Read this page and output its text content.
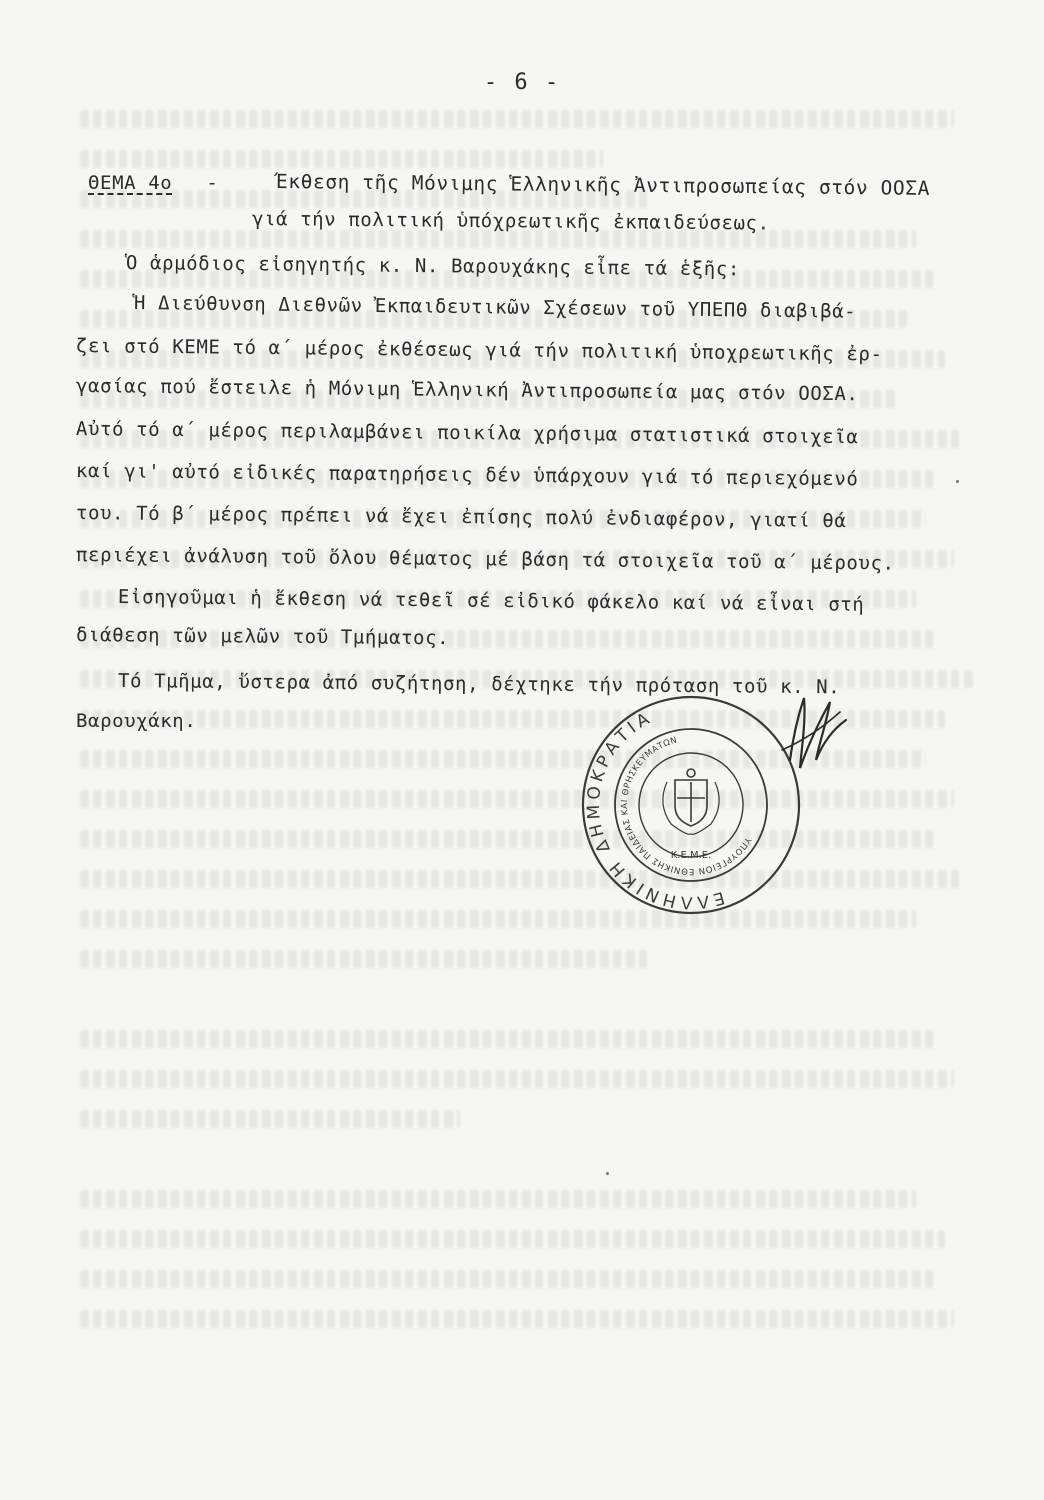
- 6 -
ΘΕΜΑ 4ο -	Έκθεση τῆς Μόνιμης Ἑλληνικῆς Ἀντιπροσωπείας στόν ΟΟΣΑ
γιά τήν πολιτική ὑπόχρεωτικῆς ἐκπαιδεύσεως.
Ὁ ἁρμόδιος εἰσηγητής κ. Ν. Βαρουχάκης εἶπε τά ἑξῆς:
Ἡ Διεύθυνση Διεθνῶν Ἐκπαιδευτικῶν Σχέσεων τοῦ ΥΠΕΠΘ διαβιβά-
ζει στό ΚΕΜΕ τό α΄ μέρος ἐκθέσεως γιά τήν πολιτική ὑποχρεωτικῆς ἐρ-
γασίας πού ἔστειλε ἡ Μόνιμη Ἑλληνική Ἀντιπροσωπεία μας στόν ΟΟΣΑ.
Αὐτό τό α΄ μέρος περιλαμβάνει ποικίλα χρήσιμα στατιστικά στοιχεῖα
καί γι' αὐτό εἰδικές παρατηρήσεις δέν ὑπάρχουν γιά τό περιεχόμενό
του. Τό β΄ μέρος πρέπει νά ἔχει ἐπίσης πολύ ἐνδιαφέρον, γιατί θά
περιέχει ἀνάλυση τοῦ ὅλου θέματος μέ βάση τά στοιχεῖα τοῦ α΄ μέρους.
Εἰσηγοῦμαι ἡ ἔκθεση νά τεθεῖ σέ εἰδικό φάκελο καί νά εἶναι στή
διάθεση τῶν μελῶν τοῦ Τμήματος.
Τό Τμῆμα, ὕστερα ἀπό συζήτηση, δέχτηκε τήν πρόταση τοῦ κ. Ν.
Βαρουχάκη.
ΕΛΛΗΝΙΚΗ ΔΗΜΟΚΡΑΤΙΑ
ΥΠΟΥΡΓΕΙΟΝ ΕΘΝΙΚΗΣ ΠΑΙΔΕΙΑΣ ΚΑΙ ΘΡΗΣΚΕΥΜΑΤΩΝ
Κ.Ε.Μ.Ε.
